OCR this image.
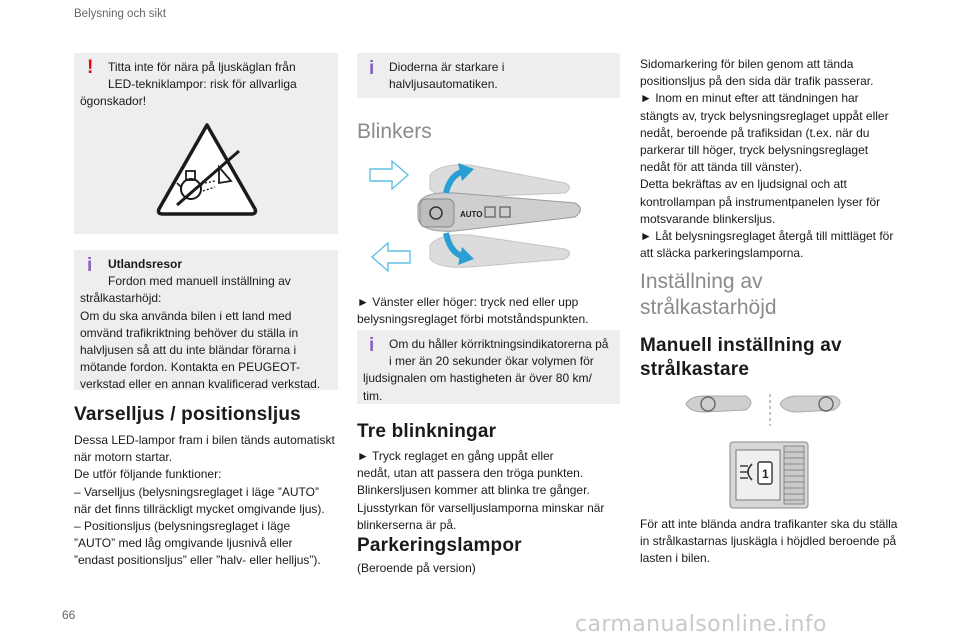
Belysning och sikt
66	carmanualsonline.info
! Titta inte för nära på ljuskäglan från
LED-tekniklampor: risk för allvarliga
ögonskador!
i Utlandsresor
Fordon med manuell inställning av
strålkastarhöjd:
Om du ska använda bilen i ett land med
omvänd trafikriktning behöver du ställa in
halvljusen så att du inte bländar förarna i
mötande fordon. Kontakta en PEUGEOT-
verkstad eller en annan kvalificerad verkstad.
Varselljus / positionsljus
Dessa LED-lampor fram i bilen tänds automatiskt
när motorn startar.
De utför följande funktioner:
– Varselljus (belysningsreglaget i läge ”AUTO”
när det finns tillräckligt mycket omgivande ljus).
– Positionsljus (belysningsreglaget i läge
”AUTO” med låg omgivande ljusnivå eller
”endast positionsljus” eller ”halv- eller helljus”).
i Dioderna är starkare i
halvljusautomatiken.
Blinkers
AUTO
► Vänster eller höger: tryck ned eller upp
belysningsreglaget förbi motståndspunkten.
i Om du håller körriktningsindikatorerna på
i mer än 20 sekunder ökar volymen för
ljudsignalen om hastigheten är över 80 km/
tim.
Tre blinkningar
► Tryck reglaget en gång uppåt eller
nedåt, utan att passera den tröga punkten.
Blinkersljusen kommer att blinka tre gånger.
Ljusstyrkan för varselljuslamporna minskar när
blinkerserna är på.
Parkeringslampor
(Beroende på version)
Sidomarkering för bilen genom att tända
positionsljus på den sida där trafik passerar.
► Inom en minut efter att tändningen har
stängts av, tryck belysningsreglaget uppåt eller
nedåt, beroende på trafiksidan (t.ex. när du
parkerar till höger, tryck belysningsreglaget
nedåt för att tända till vänster).
Detta bekräftas av en ljudsignal och att
kontrollampan på instrumentpanelen lyser för
motsvarande blinkersljus.
► Låt belysningsreglaget återgå till mittläget för
att släcka parkeringslamporna.
Inställning av
strålkastarhöjd
Manuell inställning av
strålkastare
1
För att inte blända andra trafikanter ska du ställa
in strålkastarnas ljuskägla i höjdled beroende på
lasten i bilen.
